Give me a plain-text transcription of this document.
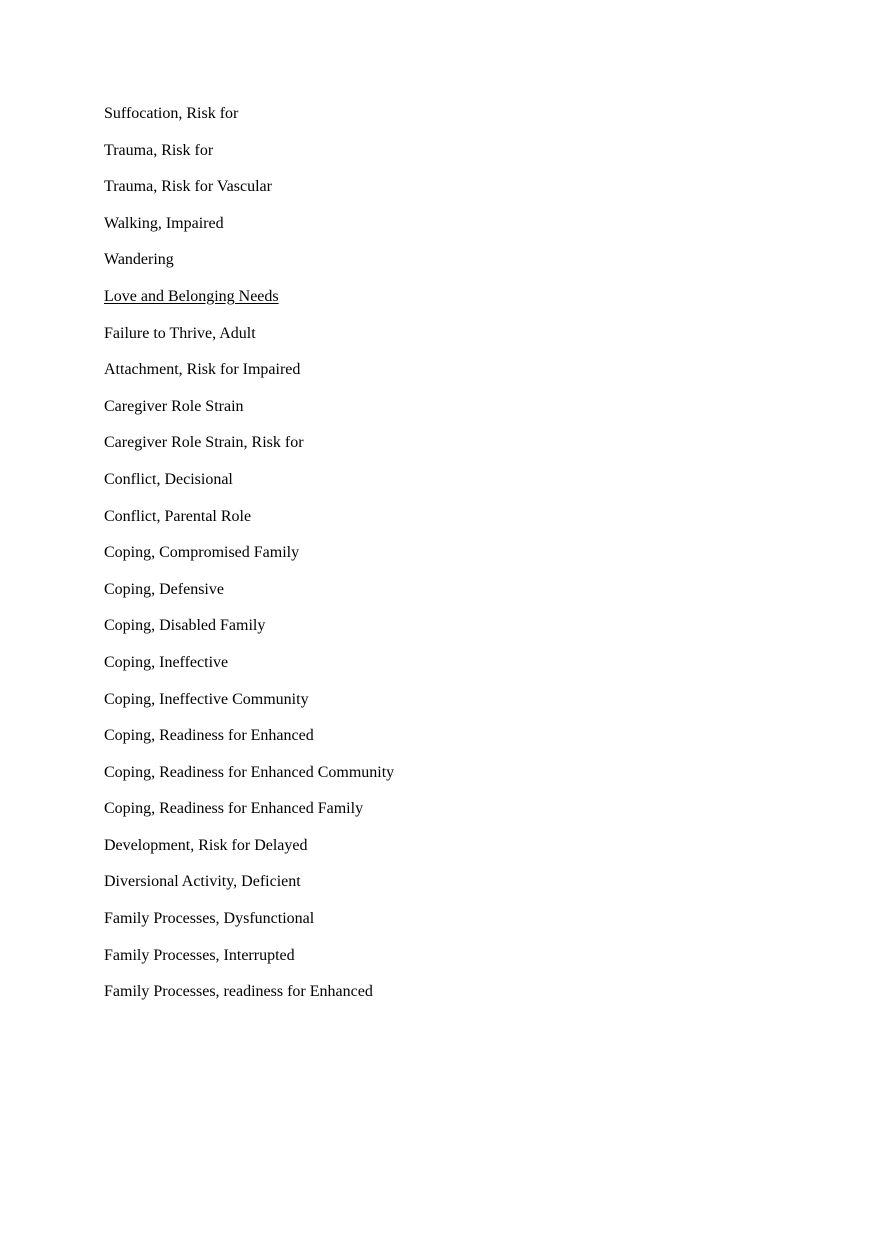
Suffocation, Risk for
Trauma, Risk for
Trauma, Risk for Vascular
Walking, Impaired
Wandering
Love and Belonging Needs
Failure to Thrive, Adult
Attachment, Risk for Impaired
Caregiver Role Strain
Caregiver Role Strain, Risk for
Conflict, Decisional
Conflict, Parental Role
Coping, Compromised Family
Coping, Defensive
Coping, Disabled Family
Coping, Ineffective
Coping, Ineffective Community
Coping, Readiness for Enhanced
Coping, Readiness for Enhanced Community
Coping, Readiness for Enhanced Family
Development, Risk for Delayed
Diversional Activity, Deficient
Family Processes, Dysfunctional
Family Processes, Interrupted
Family Processes, readiness for Enhanced
